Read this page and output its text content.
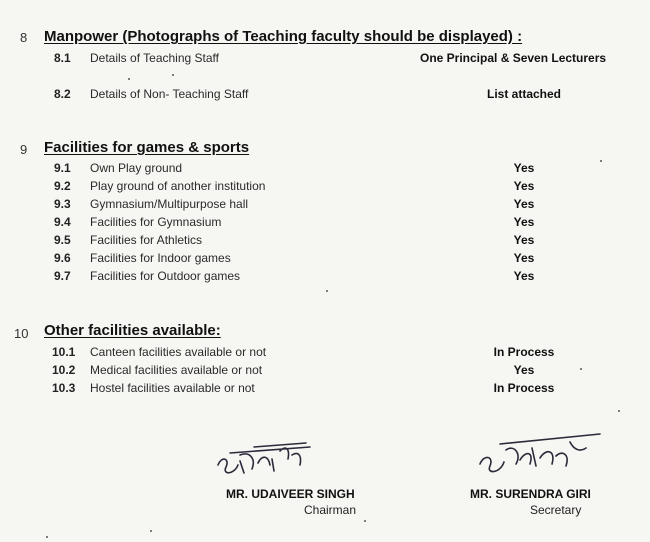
8 Manpower (Photographs of Teaching faculty should be displayed) :
8.1 Details of Teaching Staff	One Principal & Seven Lecturers
8.2 Details of Non- Teaching Staff	List attached
9 Facilities for games & sports
9.1 Own Play ground	Yes
9.2 Play ground of another institution	Yes
9.3 Gymnasium/Multipurpose hall	Yes
9.4 Facilities for Gymnasium	Yes
9.5 Facilities for Athletics	Yes
9.6 Facilities for Indoor games	Yes
9.7 Facilities for Outdoor games	Yes
10 Other facilities available:
10.1 Canteen facilities available or not	In Process
10.2 Medical facilities available or not	Yes
10.3 Hostel facilities available or not	In Process
MR. UDAIVEER SINGH
Chairman
MR. SURENDRA GIRI
Secretary
